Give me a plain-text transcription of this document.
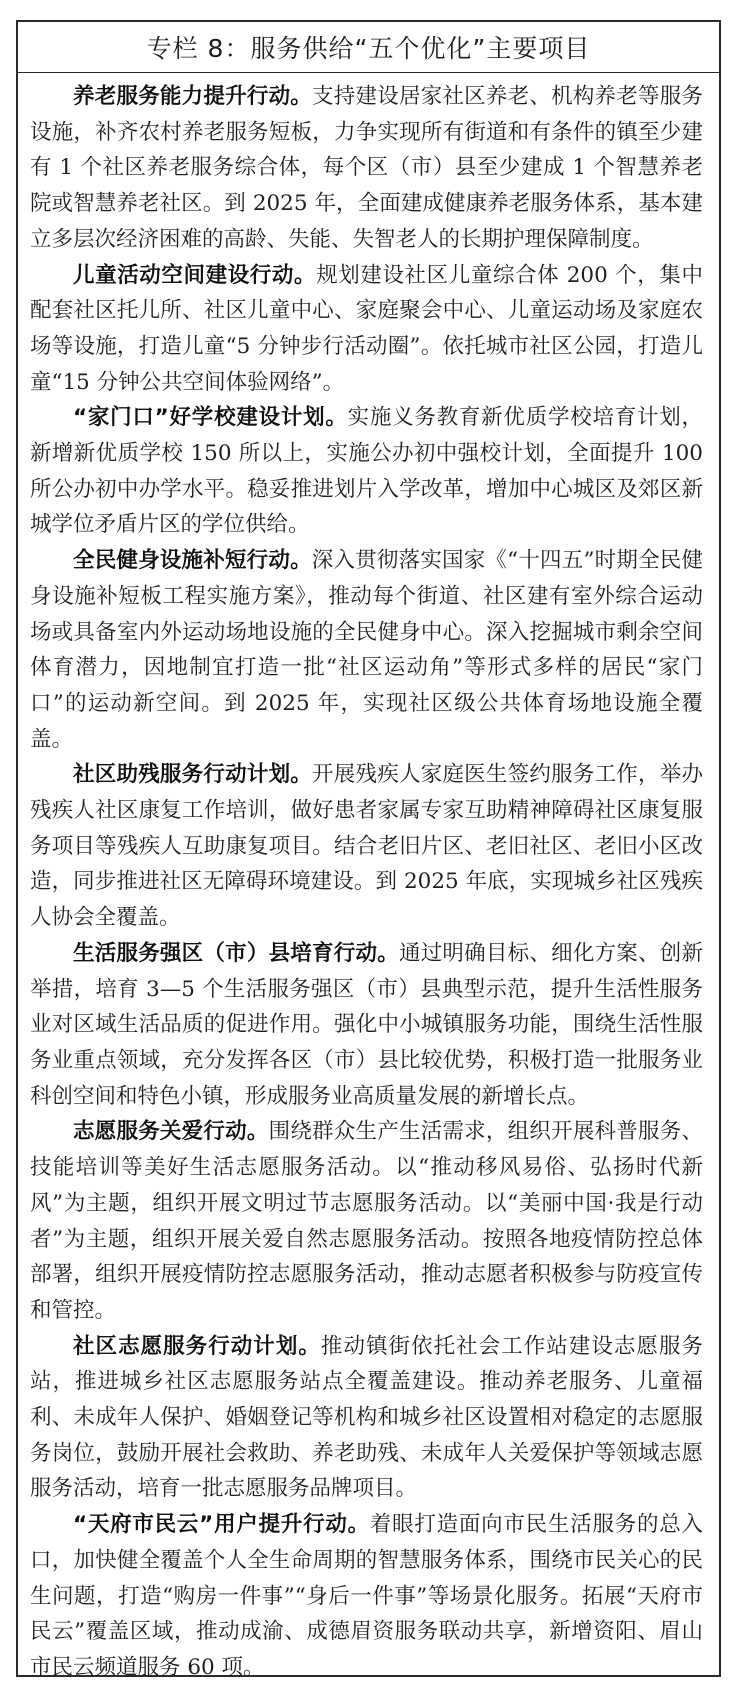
专栏 8：服务供给“五个优化”主要项目

养老服务能力提升行动。支持建设居家社区养老、机构养老等服务设施，补齐农村养老服务短板，力争实现所有街道和有条件的镇至少建有 1 个社区养老服务综合体，每个区（市）县至少建成 1 个智慧养老院或智慧养老社区。到 2025 年，全面建成健康养老服务体系，基本建立多层次经济困难的高龄、失能、失智老人的长期护理保障制度。

儿童活动空间建设行动。规划建设社区儿童综合体 200 个，集中配套社区托儿所、社区儿童中心、家庭聚会中心、儿童运动场及家庭农场等设施，打造儿童“5 分钟步行活动圈”。依托城市社区公园，打造儿童“15 分钟公共空间体验网络”。

“家门口”好学校建设计划。实施义务教育新优质学校培育计划，新增新优质学校 150 所以上，实施公办初中强校计划，全面提升 100 所公办初中办学水平。稳妥推进划片入学改革，增加中心城区及郊区新城学位矛盾片区的学位供给。

全民健身设施补短行动。深入贯彻落实国家《“十四五”时期全民健身设施补短板工程实施方案》，推动每个街道、社区建有室外综合运动场或具备室内外运动场地设施的全民健身中心。深入挖掘城市剩余空间体育潜力，因地制宜打造一批“社区运动角”等形式多样的居民“家门口”的运动新空间。到 2025 年，实现社区级公共体育场地设施全覆盖。

社区助残服务行动计划。开展残疾人家庭医生签约服务工作，举办残疾人社区康复工作培训，做好患者家属专家互助精神障碍社区康复服务项目等残疾人互助康复项目。结合老旧片区、老旧社区、老旧小区改造，同步推进社区无障碍环境建设。到 2025 年底，实现城乡社区残疾人协会全覆盖。

生活服务强区（市）县培育行动。通过明确目标、细化方案、创新举措，培育 3—5 个生活服务强区（市）县典型示范，提升生活性服务业对区域生活品质的促进作用。强化中小城镇服务功能，围绕生活性服务业重点领域，充分发挥各区（市）县比较优势，积极打造一批服务业科创空间和特色小镇，形成服务业高质量发展的新增长点。

志愿服务关爱行动。围绕群众生产生活需求，组织开展科普服务、技能培训等美好生活志愿服务活动。以“推动移风易俗、弘扬时代新风”为主题，组织开展文明过节志愿服务活动。以“美丽中国·我是行动者”为主题，组织开展关爱自然志愿服务活动。按照各地疫情防控总体部署，组织开展疫情防控志愿服务活动，推动志愿者积极参与防疫宣传和管控。

社区志愿服务行动计划。推动镇街依托社会工作站建设志愿服务站，推进城乡社区志愿服务站点全覆盖建设。推动养老服务、儿童福利、未成年人保护、婚姻登记等机构和城乡社区设置相对稳定的志愿服务岗位，鼓励开展社会救助、养老助残、未成年人关爱保护等领域志愿服务活动，培育一批志愿服务品牌项目。

“天府市民云”用户提升行动。着眼打造面向市民生活服务的总入口，加快健全覆盖个人全生命周期的智慧服务体系，围绕市民关心的民生问题，打造“购房一件事”“身后一件事”等场景化服务。拓展“天府市民云”覆盖区域，推动成渝、成德眉资服务联动共享，新增资阳、眉山市民云频道服务 60 项。
